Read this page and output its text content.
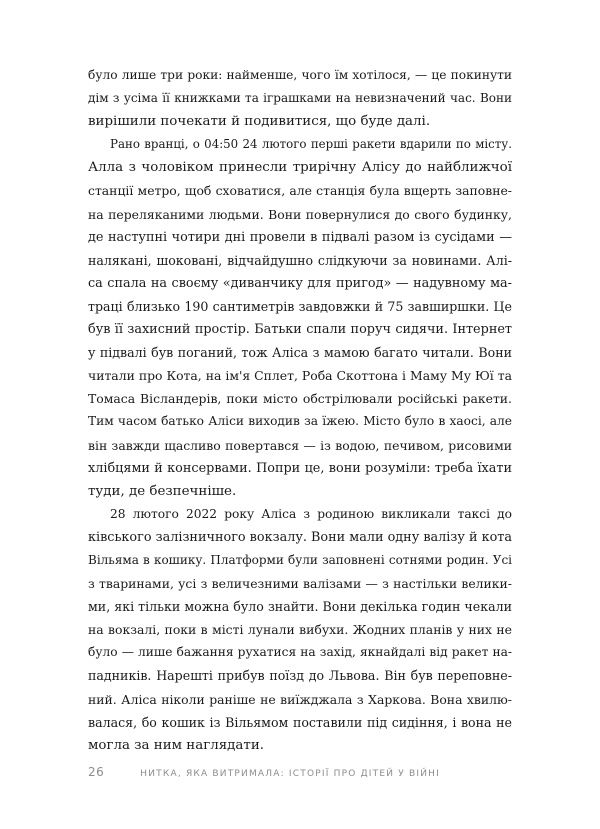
було лише три роки: найменше, чого їм хотілося, — це покинути
дім з усіма її книжками та іграшками на невизначений час. Вони
вирішили почекати й подивитися, що буде далі.
Рано вранці, о 04:50 24 лютого перші ракети вдарили по місту.
Алла з чоловіком принесли трирічну Алісу до найближчої
станції метро, щоб сховатися, але станція була вщерть заповне-
на переляканими людьми. Вони повернулися до свого будинку,
де наступні чотири дні провели в підвалі разом із сусідами —
налякані, шоковані, відчайдушно слідкуючи за новинами. Алі-
са спала на своєму «диванчику для пригод» — надувному ма-
траці близько 190 сантиметрів завдовжки й 75 завширшки. Це
був її захисний простір. Батьки спали поруч сидячи. Інтернет
у підвалі був поганий, тож Аліса з мамою багато читали. Вони
читали про Кота, на ім'я Сплет, Роба Скоттона і Маму Му Юї та
Томаса Вісландерів, поки місто обстрілювали російські ракети.
Тим часом батько Аліси виходив за їжею. Місто було в хаосі, але
він завжди щасливо повертався — із водою, печивом, рисовими
хлібцями й консервами. Попри це, вони розуміли: треба їхати
туди, де безпечніше.
28 лютого 2022 року Аліса з родиною викликали таксі до
ківського залізничного вокзалу. Вони мали одну валізу й кота
Вільяма в кошику. Платформи були заповнені сотнями родин. Усі
з тваринами, усі з величезними валізами — з настільки велики-
ми, які тільки можна було знайти. Вони декілька годин чекали
на вокзалі, поки в місті лунали вибухи. Жодних планів у них не
було — лише бажання рухатися на захід, якнайдалі від ракет на-
падників. Нарешті прибув поїзд до Львова. Він був переповне-
ний. Аліса ніколи раніше не виїжджала з Харкова. Вона хвилю-
валася, бо кошик із Вільямом поставили під сидіння, і вона не
могла за ним наглядати.
26	НИТКА, ЯКА ВИТРИМАЛА: ІСТОРІЇ ПРО ДІТЕЙ У ВІЙНІ
